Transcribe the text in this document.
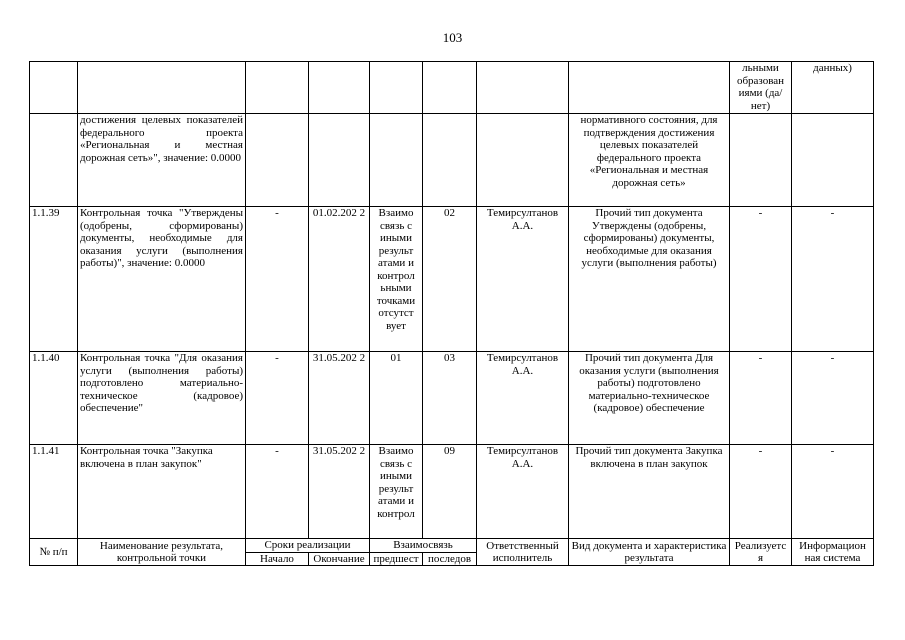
103
								льными образован иями (да/нет)	данных)
	достижения целевых показателей федерального проекта «Региональная и местная дорожная сеть»", значение: 0.0000						нормативного состояния, для подтверждения достижения целевых показателей федерального проекта «Региональная и местная дорожная сеть»		
1.1.39	Контрольная точка "Утверждены (одобрены, сформированы) документы, необходимые для оказания услуги (выполнения работы)", значение: 0.0000	-	01.02.202 2	Взаимо связь с иными результ атами и контрол ьными точками отсутст вует	02	Темирсултанов А.А.	Прочий тип документа Утверждены (одобрены, сформированы) документы, необходимые для оказания услуги (выполнения работы)	-	-
1.1.40	Контрольная точка "Для оказания услуги (выполнения работы) подготовлено материально-техническое (кадровое) обеспечение"	-	31.05.202 2	01	03	Темирсултанов А.А.	Прочий тип документа Для оказания услуги (выполнения работы) подготовлено материально-техническое (кадровое) обеспечение	-	-
1.1.41	Контрольная точка "Закупка включена в план закупок"	-	31.05.202 2	Взаимо связь с иными результ атами и контрол	09	Темирсултанов А.А.	Прочий тип документа Закупка включена в план закупок	-	-
№ п/п	Наименование результата, контрольной точки	Сроки реализации		Взаимосвязь		Ответственный исполнитель	Вид документа и характеристика результата	Реализуетс я	Информацион ная система
		Начало	Окончание	предшест	последов				
